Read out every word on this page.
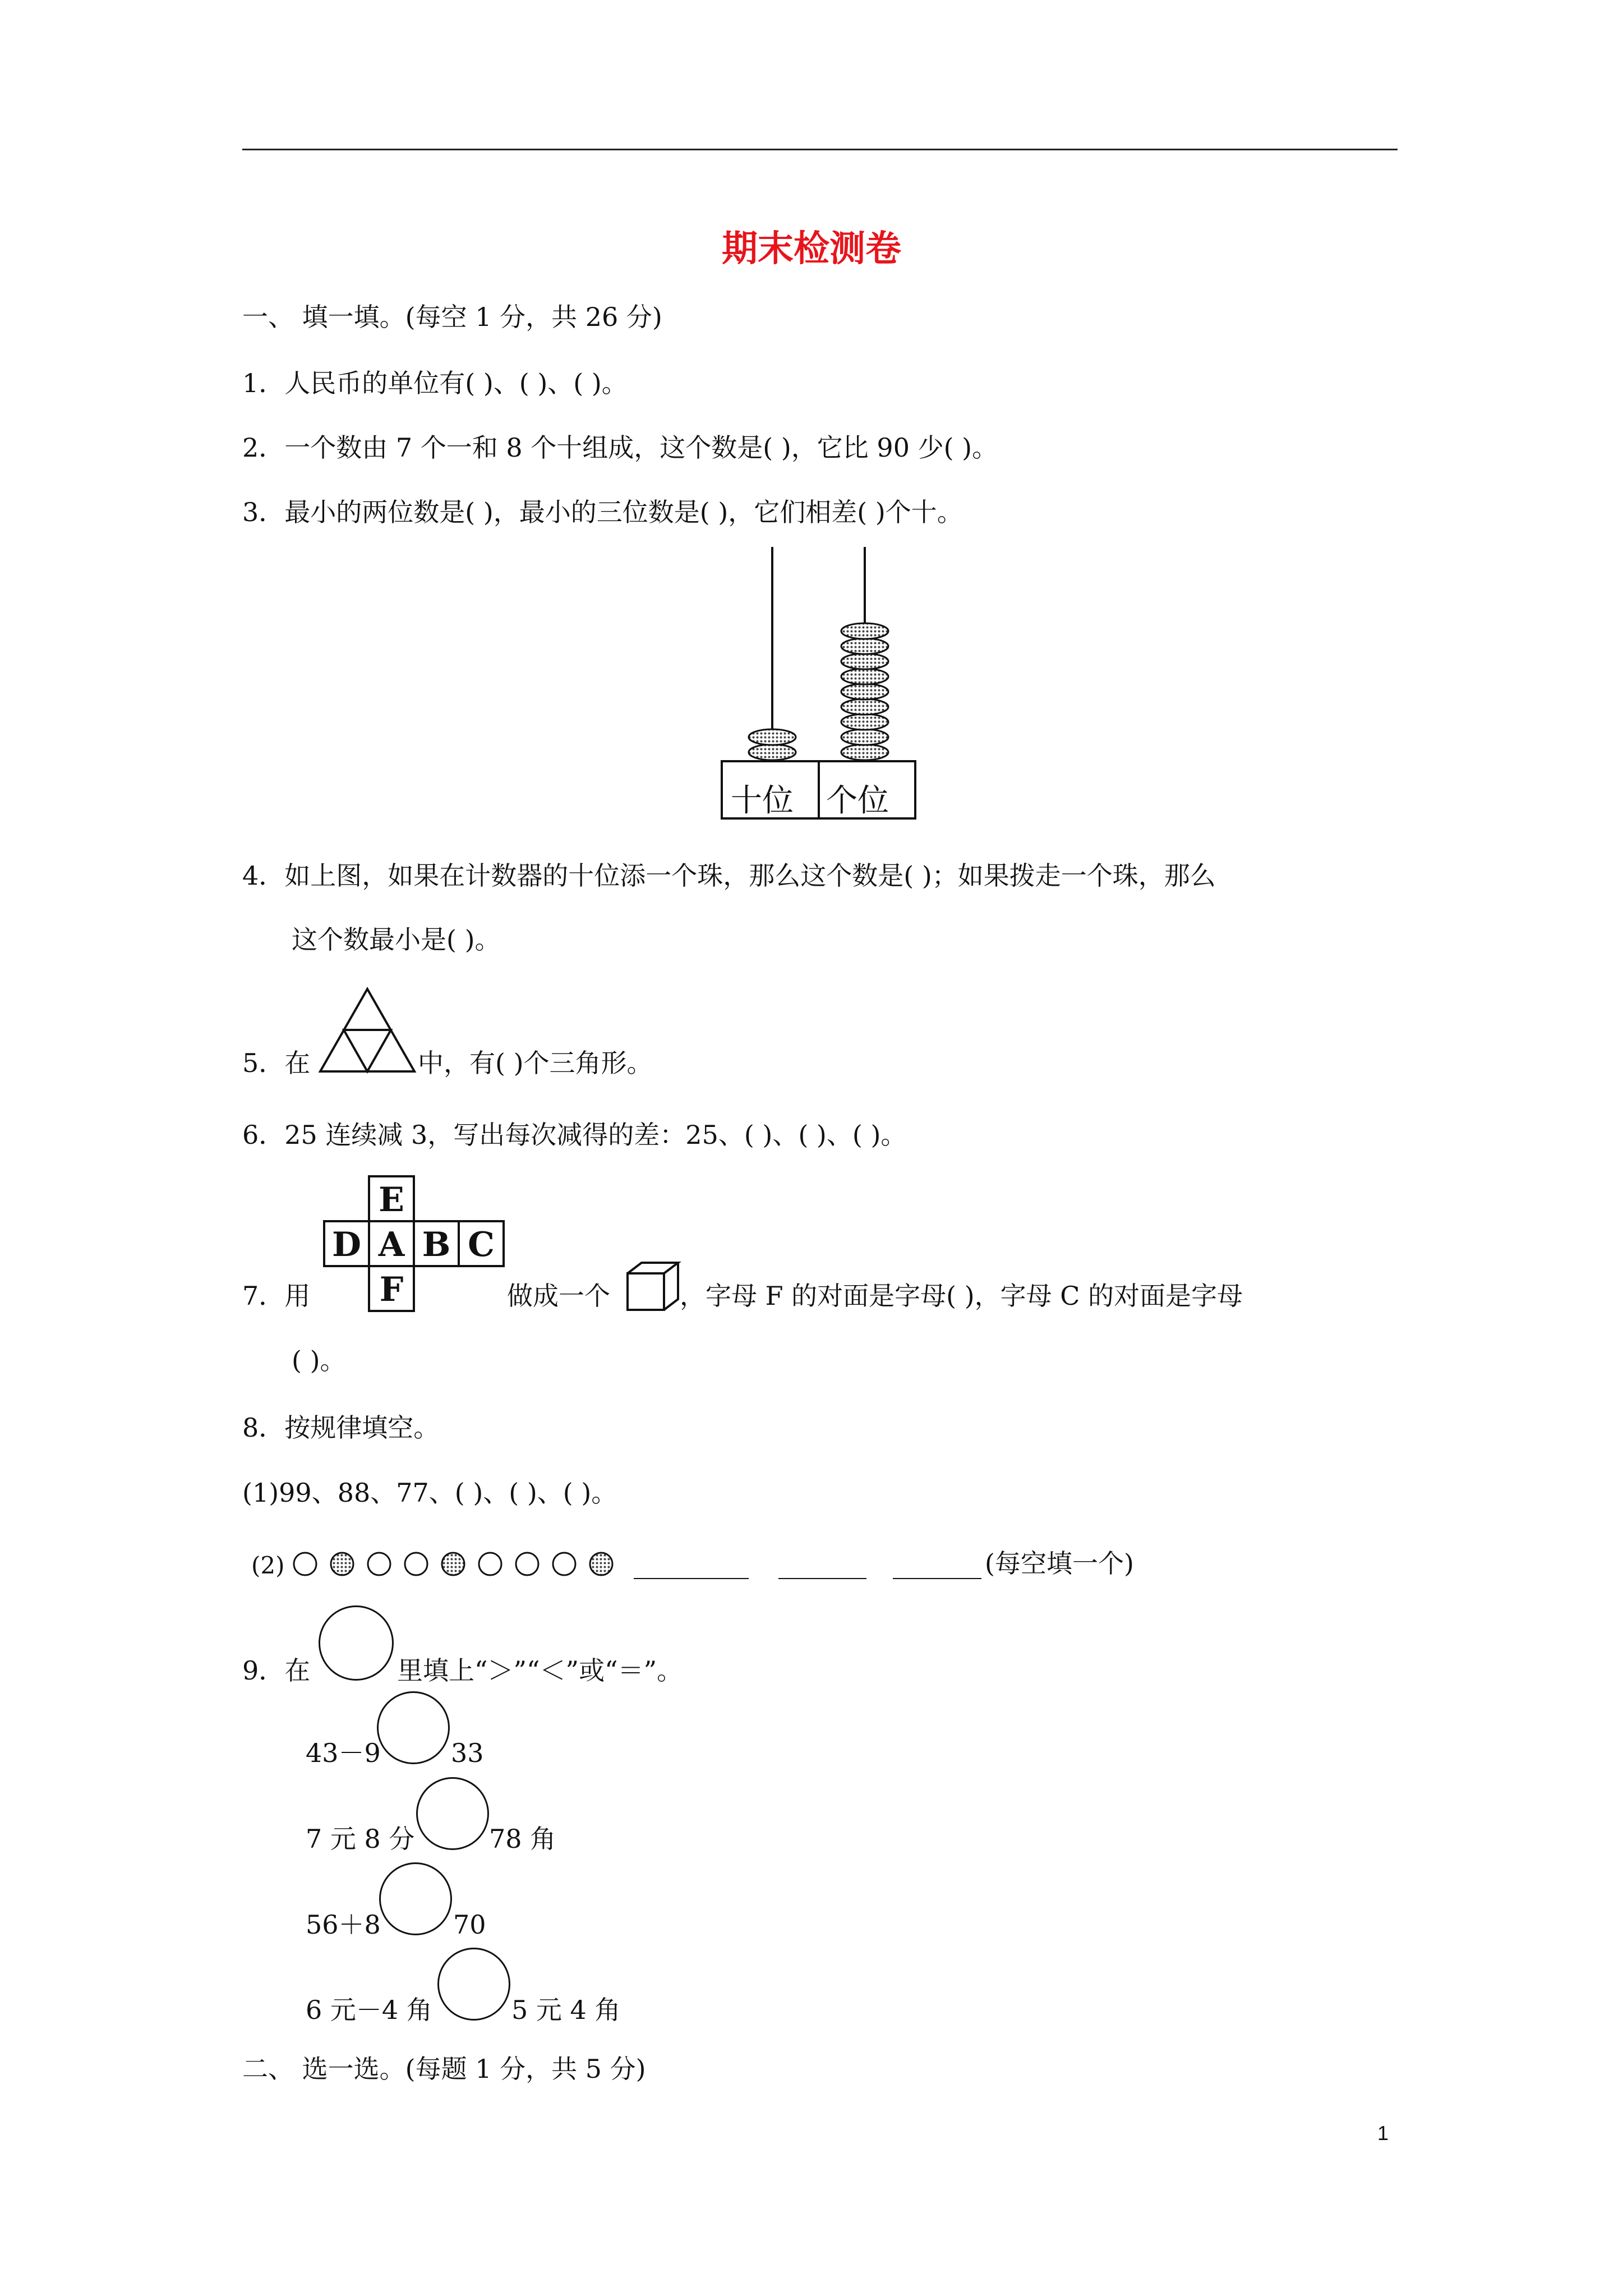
期末检测卷
一、 填一填。(每空 1 分，共 26 分)
1．人民币的单位有( )、( )、( )。
2．一个数由 7 个一和 8 个十组成，这个数是( )，它比 90 少( )。
3．最小的两位数是( )，最小的三位数是( )，它们相差( )个十。
十位 个位
4．如上图，如果在计数器的十位添一个珠，那么这个数是( )；如果拨走一个珠，那么
这个数最小是( )。
5．在	中，有( )个三角形。
6．25 连续减 3，写出每次减得的差：25、( )、( )、( )。
E
D A B C
F
7．用	做成一个	，字母 F 的对面是字母( )，字母 C 的对面是字母
( )。
8．按规律填空。
(1)99、88、77、( )、( )、( )。
(2)	(每空填一个)
9．在	里填上“＞”“＜”或“＝”。
43－9	33
7 元 8 分	78 角
56＋8	70
6 元－4 角	5 元 4 角
二、 选一选。(每题 1 分，共 5 分)
1
